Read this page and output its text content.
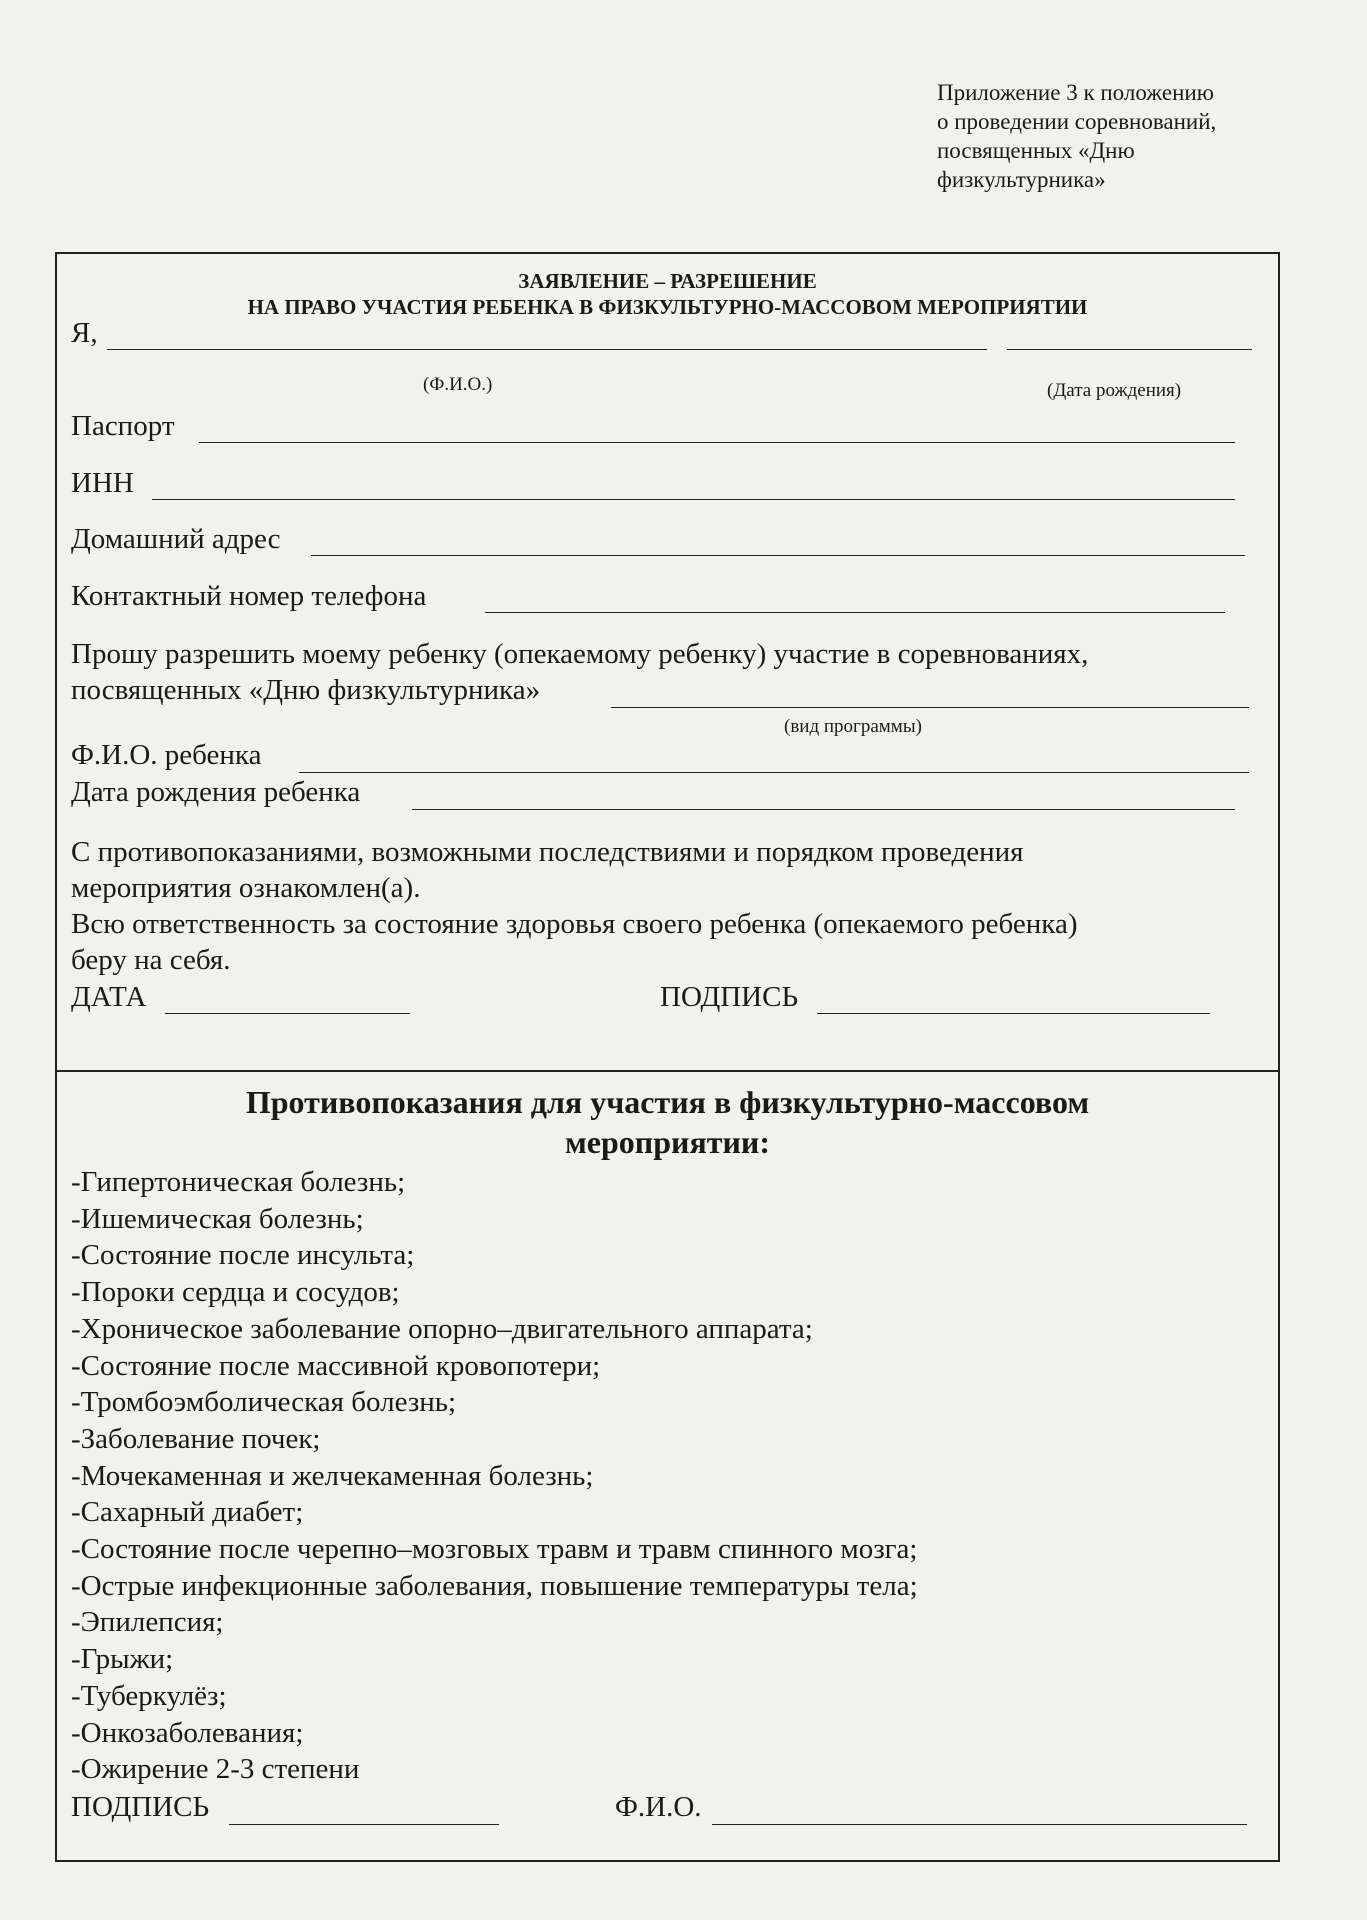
Приложение 3 к положению
о проведении соревнований,
посвященных «Дню
физкультурника»

ЗАЯВЛЕНИЕ – РАЗРЕШЕНИЕ
НА ПРАВО УЧАСТИЯ РЕБЕНКА В ФИЗКУЛЬТУРНО-МАССОВОМ МЕРОПРИЯТИИ
Я,
(Ф.И.О.)	(Дата рождения)
Паспорт
ИНН
Домашний адрес
Контактный номер телефона
Прошу разрешить моему ребенку (опекаемому ребенку) участие в соревнованиях,
посвященных «Дню физкультурника»
(вид программы)
Ф.И.О. ребенка
Дата рождения ребенка
С противопоказаниями, возможными последствиями и порядком проведения
мероприятия ознакомлен(а).
Всю ответственность за состояние здоровья своего ребенка (опекаемого ребенка)
беру на себя.
ДАТА	ПОДПИСЬ
Противопоказания для участия в физкультурно-массовом
мероприятии:
-Гипертоническая болезнь;
-Ишемическая болезнь;
-Состояние после инсульта;
-Пороки сердца и сосудов;
-Хроническое заболевание опорно–двигательного аппарата;
-Состояние после массивной кровопотери;
-Тромбоэмболическая болезнь;
-Заболевание почек;
-Мочекаменная и желчекаменная болезнь;
-Сахарный диабет;
-Состояние после черепно–мозговых травм и травм спинного мозга;
-Острые инфекционные заболевания, повышение температуры тела;
-Эпилепсия;
-Грыжи;
-Туберкулёз;
-Онкозаболевания;
-Ожирение 2-3 степени
ПОДПИСЬ	Ф.И.О.
